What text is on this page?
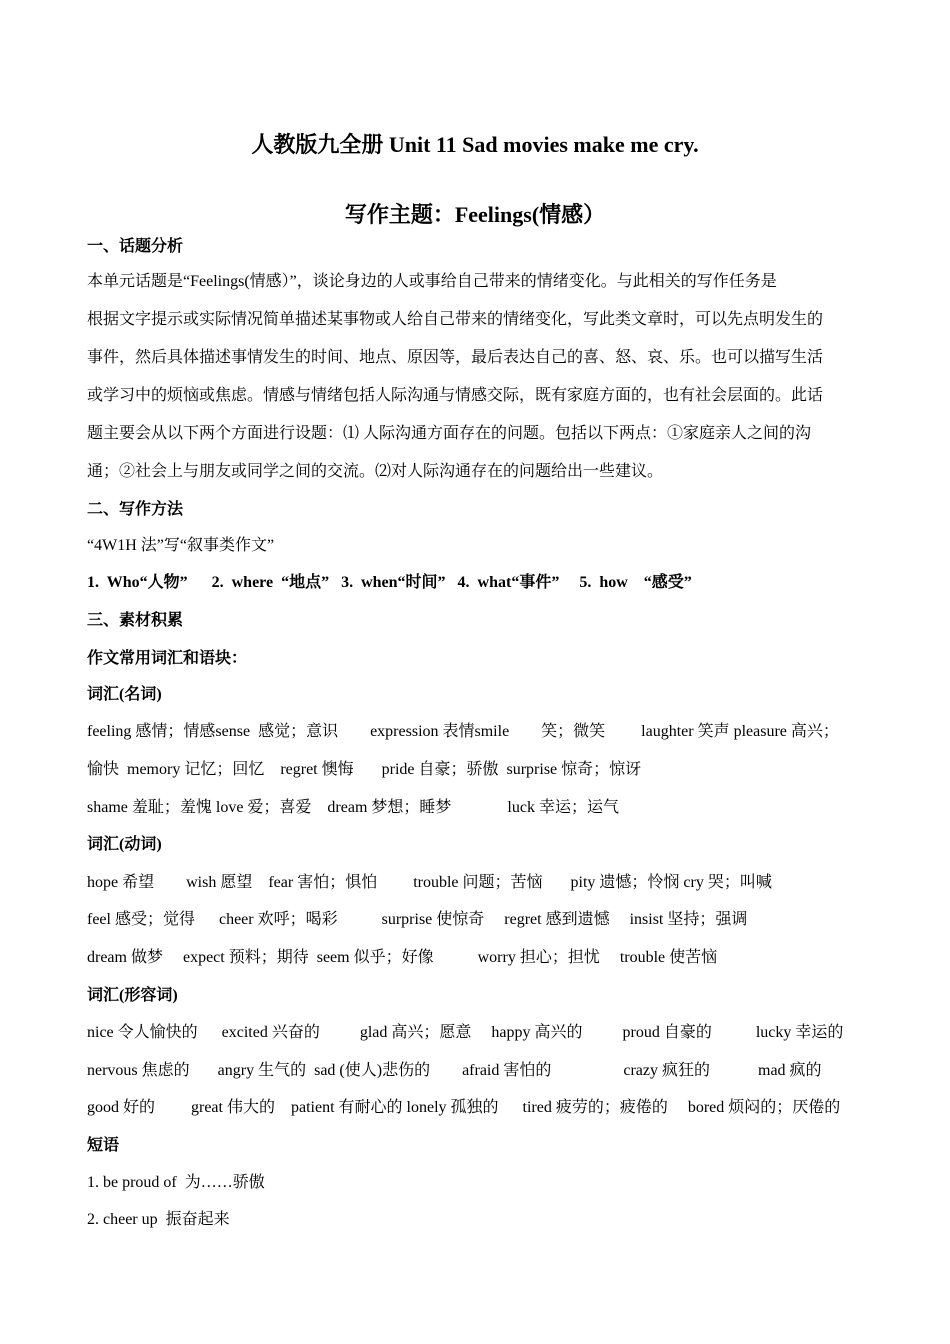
人教版九全册 Unit 11 Sad movies make me cry.
写作主题：Feelings(情感）
一、话题分析
本单元话题是“Feelings(情感）”，谈论身边的人或事给自己带来的情绪变化。与此相关的写作任务是
根据文字提示或实际情况简单描述某事物或人给自己带来的情绪变化，写此类文章时，可以先点明发生的
事件，然后具体描述事情发生的时间、地点、原因等，最后表达自己的喜、怒、哀、乐。也可以描写生活
或学习中的烦恼或焦虑。情感与情绪包括人际沟通与情感交际，既有家庭方面的，也有社会层面的。此话
题主要会从以下两个方面进行设题：⑴ 人际沟通方面存在的问题。包括以下两点：①家庭亲人之间的沟
通；②社会上与朋友或同学之间的交流。⑵对人际沟通存在的问题给出一些建议。
二、写作方法
“4W1H 法”写“叙事类作文”
1.  Who“人物”      2.  where  “地点”   3.  when“时间”   4.  what“事件”     5.  how    “感受”
三、素材积累
作文常用词汇和语块：
词汇(名词)
feeling 感情；情感sense  感觉；意识        expression 表情smile        笑；微笑         laughter 笑声 pleasure 高兴；
愉快  memory 记忆；回忆    regret 懊悔       pride 自豪；骄傲  surprise 惊奇；惊讶
shame 羞耻；羞愧 love 爱；喜爱    dream 梦想；睡梦              luck 幸运；运气
词汇(动词)
hope 希望        wish 愿望    fear 害怕；惧怕         trouble 问题；苦恼       pity 遗憾；怜悯 cry 哭；叫喊
feel 感受；觉得      cheer 欢呼；喝彩           surprise 使惊奇     regret 感到遗憾     insist 坚持；强调
dream 做梦     expect 预料；期待  seem 似乎；好像           worry 担心；担忧     trouble 使苦恼
词汇(形容词)
nice 令人愉快的      excited 兴奋的          glad 高兴；愿意     happy 高兴的          proud 自豪的           lucky 幸运的
nervous 焦虑的       angry 生气的  sad (使人)悲伤的        afraid 害怕的                  crazy 疯狂的            mad 疯的
good 好的         great 伟大的    patient 有耐心的 lonely 孤独的      tired 疲劳的；疲倦的     bored 烦闷的；厌倦的
短语
1. be proud of  为……骄傲
2. cheer up  振奋起来
